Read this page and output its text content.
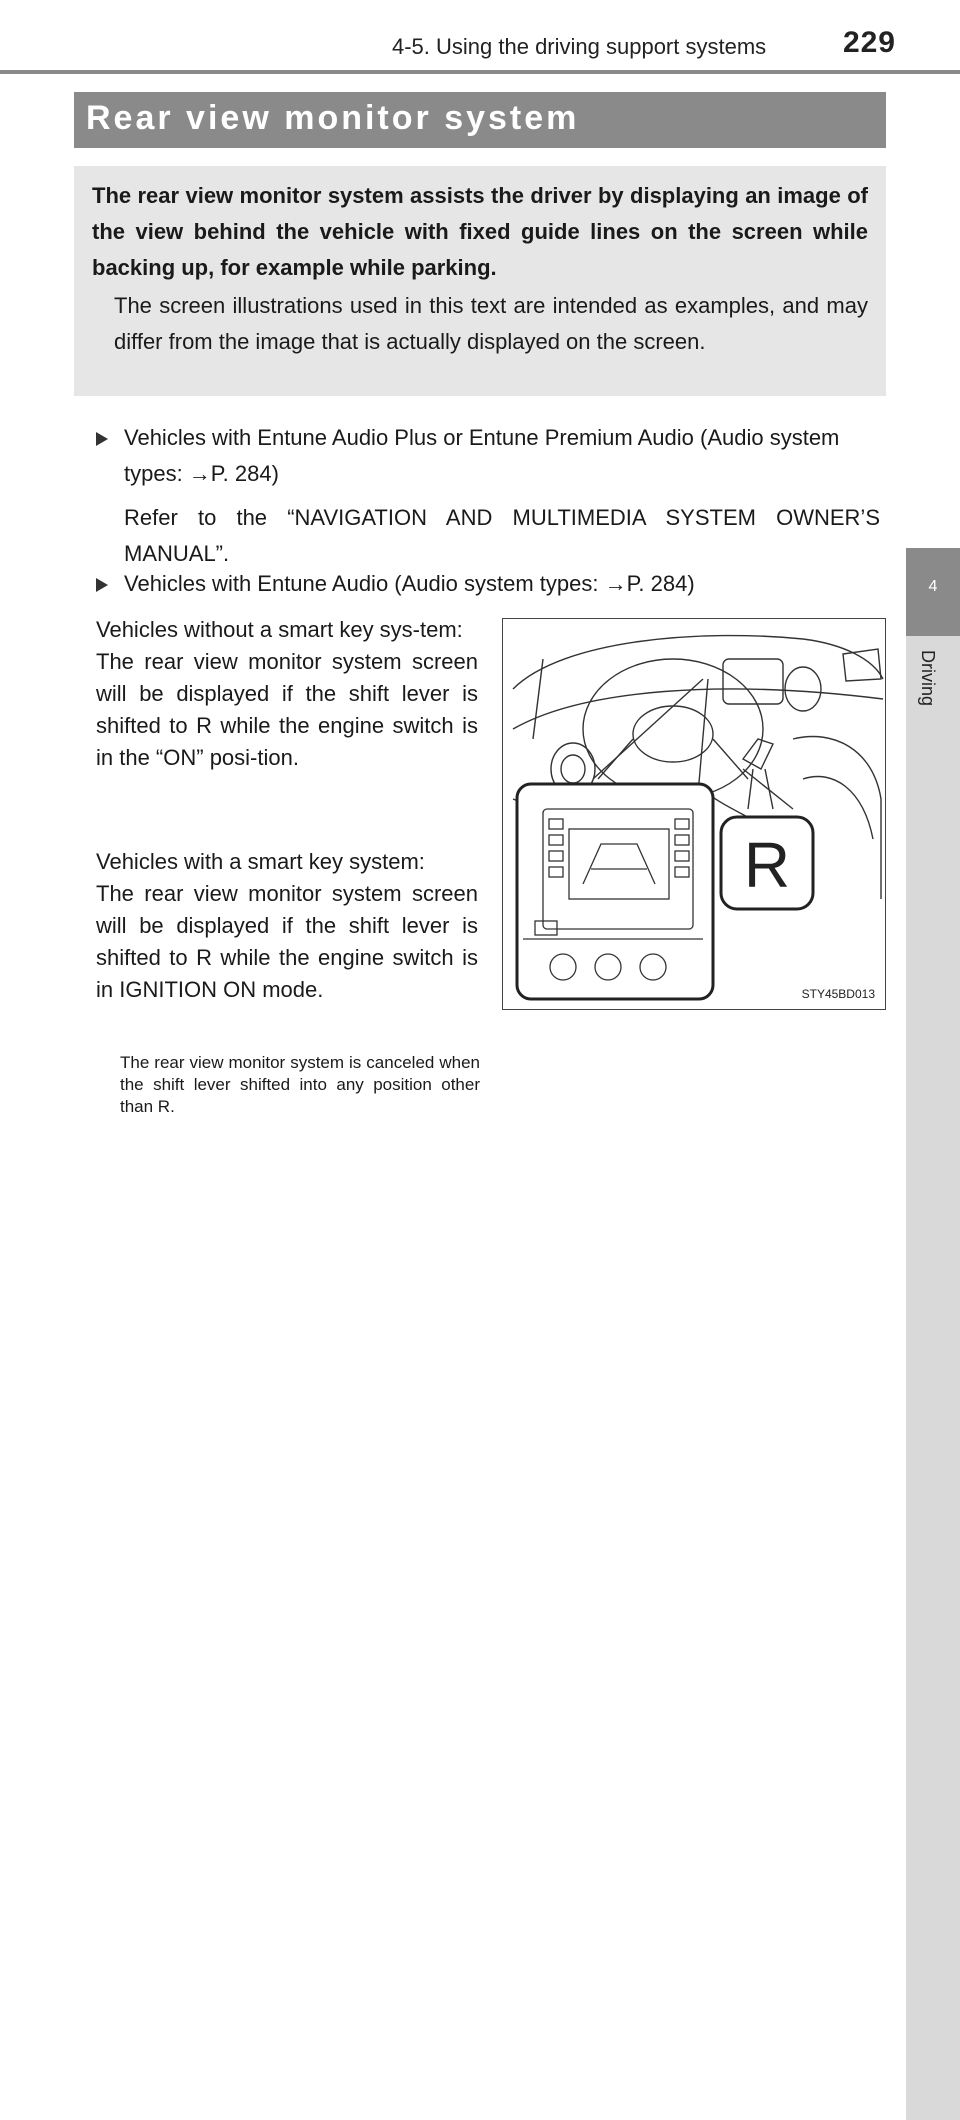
4-5. Using the driving support systems	229
4
Driving
Rear view monitor system
The rear view monitor system assists the driver by displaying an image of the view behind the vehicle with fixed guide lines on the screen while backing up, for example while parking.
The screen illustrations used in this text are intended as examples, and may differ from the image that is actually displayed on the screen.
Vehicles with Entune Audio Plus or Entune Premium Audio (Audio system types: →P. 284)
Refer to the “NAVIGATION AND MULTIMEDIA SYSTEM OWNER’S MANUAL”.
Vehicles with Entune Audio (Audio system types: →P. 284)
Vehicles without a smart key sys-tem:
The rear view monitor system screen will be displayed if the shift lever is shifted to R while the engine switch is in the “ON” posi-tion.
Vehicles with a smart key system:
The rear view monitor system screen will be displayed if the shift lever is shifted to R while the engine switch is in IGNITION ON mode.
The rear view monitor system is canceled when the shift lever shifted into any position other than R.
R
STY45BD013
